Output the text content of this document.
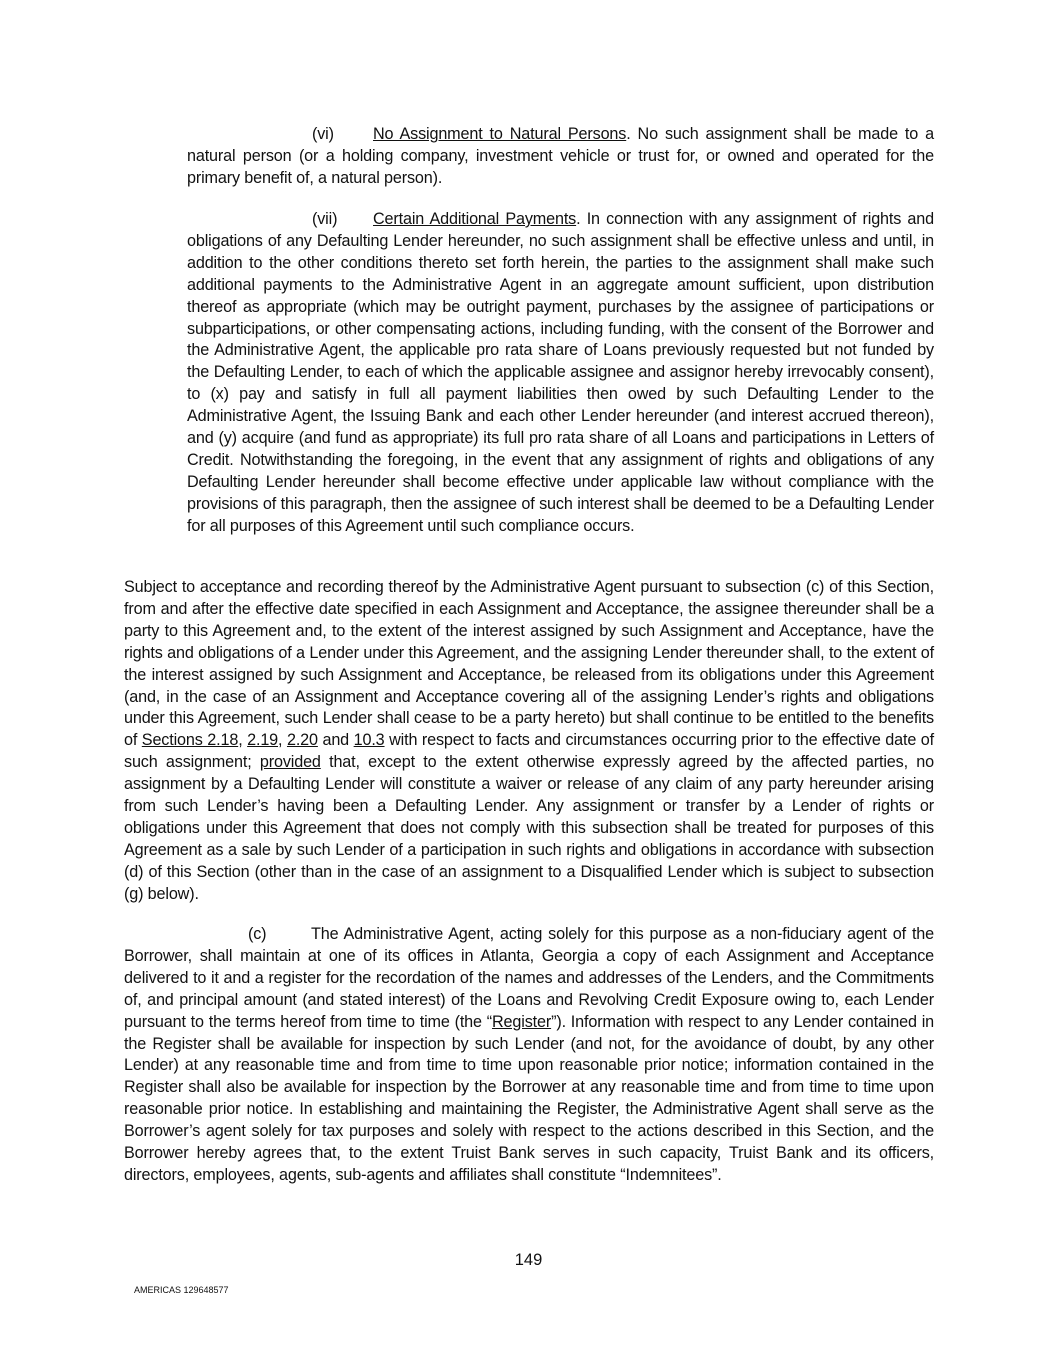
(vi) No Assignment to Natural Persons. No such assignment shall be made to a natural person (or a holding company, investment vehicle or trust for, or owned and operated for the primary benefit of, a natural person).
(vii) Certain Additional Payments. In connection with any assignment of rights and obligations of any Defaulting Lender hereunder, no such assignment shall be effective unless and until, in addition to the other conditions thereto set forth herein, the parties to the assignment shall make such additional payments to the Administrative Agent in an aggregate amount sufficient, upon distribution thereof as appropriate (which may be outright payment, purchases by the assignee of participations or subparticipations, or other compensating actions, including funding, with the consent of the Borrower and the Administrative Agent, the applicable pro rata share of Loans previously requested but not funded by the Defaulting Lender, to each of which the applicable assignee and assignor hereby irrevocably consent), to (x) pay and satisfy in full all payment liabilities then owed by such Defaulting Lender to the Administrative Agent, the Issuing Bank and each other Lender hereunder (and interest accrued thereon), and (y) acquire (and fund as appropriate) its full pro rata share of all Loans and participations in Letters of Credit. Notwithstanding the foregoing, in the event that any assignment of rights and obligations of any Defaulting Lender hereunder shall become effective under applicable law without compliance with the provisions of this paragraph, then the assignee of such interest shall be deemed to be a Defaulting Lender for all purposes of this Agreement until such compliance occurs.
Subject to acceptance and recording thereof by the Administrative Agent pursuant to subsection (c) of this Section, from and after the effective date specified in each Assignment and Acceptance, the assignee thereunder shall be a party to this Agreement and, to the extent of the interest assigned by such Assignment and Acceptance, have the rights and obligations of a Lender under this Agreement, and the assigning Lender thereunder shall, to the extent of the interest assigned by such Assignment and Acceptance, be released from its obligations under this Agreement (and, in the case of an Assignment and Acceptance covering all of the assigning Lender’s rights and obligations under this Agreement, such Lender shall cease to be a party hereto) but shall continue to be entitled to the benefits of Sections 2.18, 2.19, 2.20 and 10.3 with respect to facts and circumstances occurring prior to the effective date of such assignment; provided that, except to the extent otherwise expressly agreed by the affected parties, no assignment by a Defaulting Lender will constitute a waiver or release of any claim of any party hereunder arising from such Lender’s having been a Defaulting Lender. Any assignment or transfer by a Lender of rights or obligations under this Agreement that does not comply with this subsection shall be treated for purposes of this Agreement as a sale by such Lender of a participation in such rights and obligations in accordance with subsection (d) of this Section (other than in the case of an assignment to a Disqualified Lender which is subject to subsection (g) below).
(c)	The Administrative Agent, acting solely for this purpose as a non-fiduciary agent of the Borrower, shall maintain at one of its offices in Atlanta, Georgia a copy of each Assignment and Acceptance delivered to it and a register for the recordation of the names and addresses of the Lenders, and the Commitments of, and principal amount (and stated interest) of the Loans and Revolving Credit Exposure owing to, each Lender pursuant to the terms hereof from time to time (the “Register”). Information with respect to any Lender contained in the Register shall be available for inspection by such Lender (and not, for the avoidance of doubt, by any other Lender) at any reasonable time and from time to time upon reasonable prior notice; information contained in the Register shall also be available for inspection by the Borrower at any reasonable time and from time to time upon reasonable prior notice. In establishing and maintaining the Register, the Administrative Agent shall serve as the Borrower’s agent solely for tax purposes and solely with respect to the actions described in this Section, and the Borrower hereby agrees that, to the extent Truist Bank serves in such capacity, Truist Bank and its officers, directors, employees, agents, sub-agents and affiliates shall constitute “Indemnitees”.
149
AMERICAS 129648577
